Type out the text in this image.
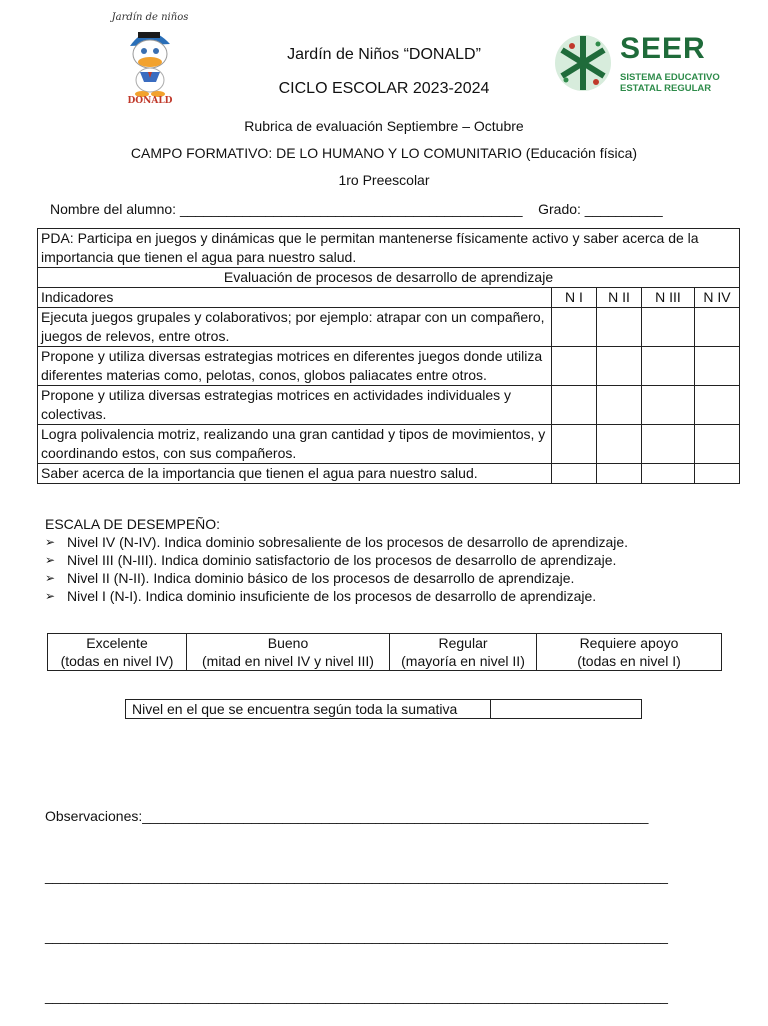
Jardín de niños
DONALD
Jardín de Niños “DONALD”
CICLO ESCOLAR 2023-2024
SEER
SISTEMA EDUCATIVO
ESTATAL REGULAR
Rubrica de evaluación Septiembre – Octubre
CAMPO FORMATIVO: DE LO HUMANO Y LO COMUNITARIO (Educación física)
1ro Preescolar
Nombre del alumno: ____________________________________________    Grado: __________
PDA: Participa en juegos y dinámicas que le permitan mantenerse físicamente activo y saber acerca de la importancia que tienen el agua para nuestro salud.				
Evaluación de procesos de desarrollo de aprendizaje				
Indicadores	N I	N II	N III	N IV
Ejecuta juegos grupales y colaborativos; por ejemplo: atrapar con un compañero, juegos de relevos, entre otros.				
Propone y utiliza diversas estrategias motrices en diferentes juegos donde utiliza diferentes materias como, pelotas, conos, globos paliacates entre otros.				
Propone y utiliza diversas estrategias motrices en actividades individuales y colectivas.				
Logra polivalencia motriz, realizando una gran cantidad y tipos de movimientos, y coordinando estos, con sus compañeros.				
Saber acerca de la importancia que tienen el agua para nuestro salud.				
ESCALA DE DESEMPEÑO:
➢ Nivel IV (N-IV). Indica dominio sobresaliente de los procesos de desarrollo de aprendizaje.
➢ Nivel III (N-III). Indica dominio satisfactorio de los procesos de desarrollo de aprendizaje.
➢ Nivel II (N-II). Indica dominio básico de los procesos de desarrollo de aprendizaje.
➢ Nivel I (N-I). Indica dominio insuficiente de los procesos de desarrollo de aprendizaje.
Excelente
(todas en nivel IV)

Bueno
(mitad en nivel IV y nivel III)

Regular
(mayoría en nivel II)

Requiere apoyo
(todas en nivel I)
Nivel en el que se encuentra según toda la sumativa	

Observaciones:_________________________________________________________________

________________________________________________________________________________

________________________________________________________________________________

________________________________________________________________________________
